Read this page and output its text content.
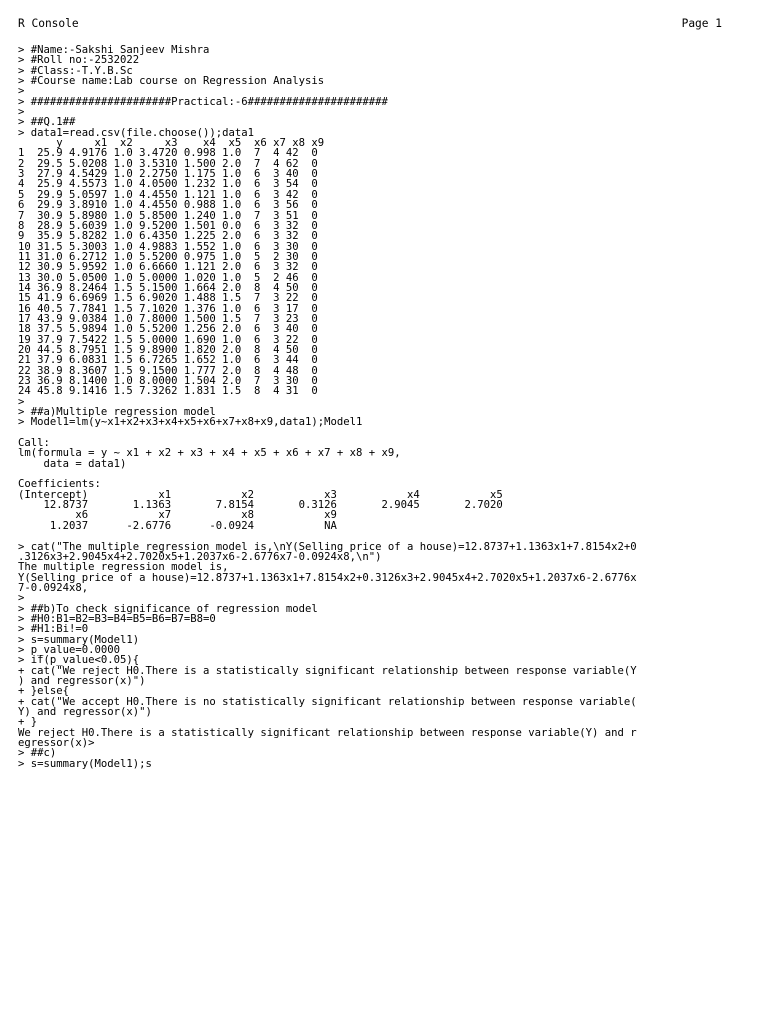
R Console	Page 1
> #Name:-Sakshi Sanjeev Mishra
> #Roll no:-2532022
> #Class:-T.Y.B.Sc
> #Course name:Lab course on Regression Analysis
>
> ######################Practical:-6######################
>
> ##Q.1##
> data1=read.csv(file.choose());data1
y     x1  x2     x3    x4  x5  x6 x7 x8 x9
1  25.9 4.9176 1.0 3.4720 0.998 1.0  7  4 42  0
2  29.5 5.0208 1.0 3.5310 1.500 2.0  7  4 62  0
3  27.9 4.5429 1.0 2.2750 1.175 1.0  6  3 40  0
4  25.9 4.5573 1.0 4.0500 1.232 1.0  6  3 54  0
5  29.9 5.0597 1.0 4.4550 1.121 1.0  6  3 42  0
6  29.9 3.8910 1.0 4.4550 0.988 1.0  6  3 56  0
7  30.9 5.8980 1.0 5.8500 1.240 1.0  7  3 51  0
8  28.9 5.6039 1.0 9.5200 1.501 0.0  6  3 32  0
9  35.9 5.8282 1.0 6.4350 1.225 2.0  6  3 32  0
10 31.5 5.3003 1.0 4.9883 1.552 1.0  6  3 30  0
11 31.0 6.2712 1.0 5.5200 0.975 1.0  5  2 30  0
12 30.9 5.9592 1.0 6.6660 1.121 2.0  6  3 32  0
13 30.0 5.0500 1.0 5.0000 1.020 1.0  5  2 46  0
14 36.9 8.2464 1.5 5.1500 1.664 2.0  8  4 50  0
15 41.9 6.6969 1.5 6.9020 1.488 1.5  7  3 22  0
16 40.5 7.7841 1.5 7.1020 1.376 1.0  6  3 17  0
17 43.9 9.0384 1.0 7.8000 1.500 1.5  7  3 23  0
18 37.5 5.9894 1.0 5.5200 1.256 2.0  6  3 40  0
19 37.9 7.5422 1.5 5.0000 1.690 1.0  6  3 22  0
20 44.5 8.7951 1.5 9.8900 1.820 2.0  8  4 50  0
21 37.9 6.0831 1.5 6.7265 1.652 1.0  6  3 44  0
22 38.9 8.3607 1.5 9.1500 1.777 2.0  8  4 48  0
23 36.9 8.1400 1.0 8.0000 1.504 2.0  7  3 30  0
24 45.8 9.1416 1.5 7.3262 1.831 1.5  8  4 31  0
>
> ##a)Multiple regression model
> Model1=lm(y~x1+x2+x3+x4+x5+x6+x7+x8+x9,data1);Model1
Call:
lm(formula = y ~ x1 + x2 + x3 + x4 + x5 + x6 + x7 + x8 + x9,
data = data1)
Coefficients:
(Intercept)           x1           x2           x3           x4           x5
12.8737       1.1363       7.8154       0.3126       2.9045       2.7020
x6           x7           x8           x9
1.2037      -2.6776      -0.0924           NA
> cat("The multiple regression model is,\nY(Selling price of a house)=12.8737+1.1363x1+7.8154x2+0
.3126x3+2.9045x4+2.7020x5+1.2037x6-2.6776x7-0.0924x8,\n")
The multiple regression model is,
Y(Selling price of a house)=12.8737+1.1363x1+7.8154x2+0.3126x3+2.9045x4+2.7020x5+1.2037x6-2.6776x
7-0.0924x8,
>
> ##b)To check significance of regression model
> #H0:B1=B2=B3=B4=B5=B6=B7=B8=0
> #H1:Bi!=0
> s=summary(Model1)
> p_value=0.0000
> if(p_value<0.05){
+ cat("We reject H0.There is a statistically significant relationship between response variable(Y
) and regressor(x)")
+ }else{
+ cat("We accept H0.There is no statistically significant relationship between response variable(
Y) and regressor(x)")
+ }
We reject H0.There is a statistically significant relationship between response variable(Y) and r
egressor(x)>
> ##c)
> s=summary(Model1);s
